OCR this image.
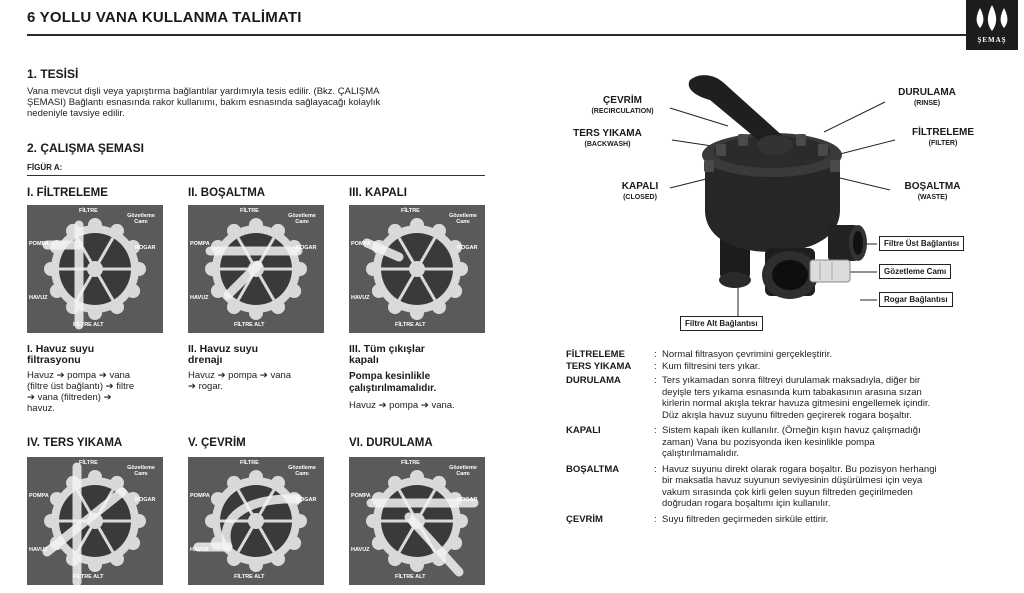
6 YOLLU VANA KULLANMA TALİMATI
ŞEMAŞ
1. TESİSİ
Vana mevcut dişli veya yapıştırma bağlantılar yardımıyla tesis edilir. (Bkz. ÇALIŞMA
ŞEMASI) Bağlantı esnasında rakor kullanımı, bakım esnasında sağlayacağı kolaylık
nedeniyle tavsiye edilir.
2. ÇALIŞMA ŞEMASI
FİGÜR A:
I. FİLTRELEME	II. BOŞALTMA	III. KAPALI
IV. TERS YIKAMA	V. ÇEVRİM	VI. DURULAMA
FİLTRE
Gözetleme Camı
POMPA
ROGAR
HAVUZ
FİLTRE ALT
FİLTRE
Gözetleme Camı
POMPA
ROGAR
HAVUZ
FİLTRE ALT
FİLTRE
Gözetleme Camı
POMPA
ROGAR
HAVUZ
FİLTRE ALT
FİLTRE
Gözetleme Camı
POMPA
ROGAR
HAVUZ
FİLTRE ALT
FİLTRE
Gözetleme Camı
POMPA
ROGAR
HAVUZ
FİLTRE ALT
FİLTRE
Gözetleme Camı
POMPA
ROGAR
HAVUZ
FİLTRE ALT
I. Havuz suyu
filtrasyonu
Havuz ➔ pompa ➔ vana
(filtre üst bağlantı) ➔ filtre
➔ vana (filtreden) ➔
havuz.
II. Havuz suyu
drenajı
Havuz ➔ pompa ➔ vana
➔ rogar.
III. Tüm çıkışlar
kapalı
Pompa kesinlikle
çalıştırılmamalıdır.
Havuz ➔ pompa ➔ vana.
ÇEVRİM
(RECIRCULATION)
TERS YIKAMA
(BACKWASH)
KAPALI
(CLOSED)
DURULAMA
(RINSE)
FİLTRELEME
(FILTER)
BOŞALTMA
(WASTE)
Filtre Üst Bağlantısı
Gözetleme Camı
Rogar Bağlantısı
Filtre Alt Bağlantısı
FİLTRELEME	: Normal filtrasyon çevrimini gerçekleştirir.
TERS YIKAMA	: Kum filtresini ters yıkar.
DURULAMA	: Ters yıkamadan sonra filtreyi durulamak maksadıyla, diğer bir
deyişle ters yıkama esnasında kum tabakasının arasına sızan
kirlerin normal akışla tekrar havuza gitmesini engellemek içindir.
Düz akışla havuz suyunu filtreden geçirerek rogara boşaltır.
KAPALI	: Sistem kapalı iken kullanılır. (Örneğin kışın havuz çalışmadığı
zaman) Vana bu pozisyonda iken kesinlikle pompa
çalıştırılmamalıdır.
BOŞALTMA	: Havuz suyunu direkt olarak rogara boşaltır. Bu pozisyon herhangi
bir maksatla havuz suyunun seviyesinin düşürülmesi için veya
vakum sırasında çok kirli gelen suyun filtreden geçirilmeden
doğrudan rogara boşaltımı için kullanılır.
ÇEVRİM	: Suyu filtreden geçirmeden sirküle ettirir.
